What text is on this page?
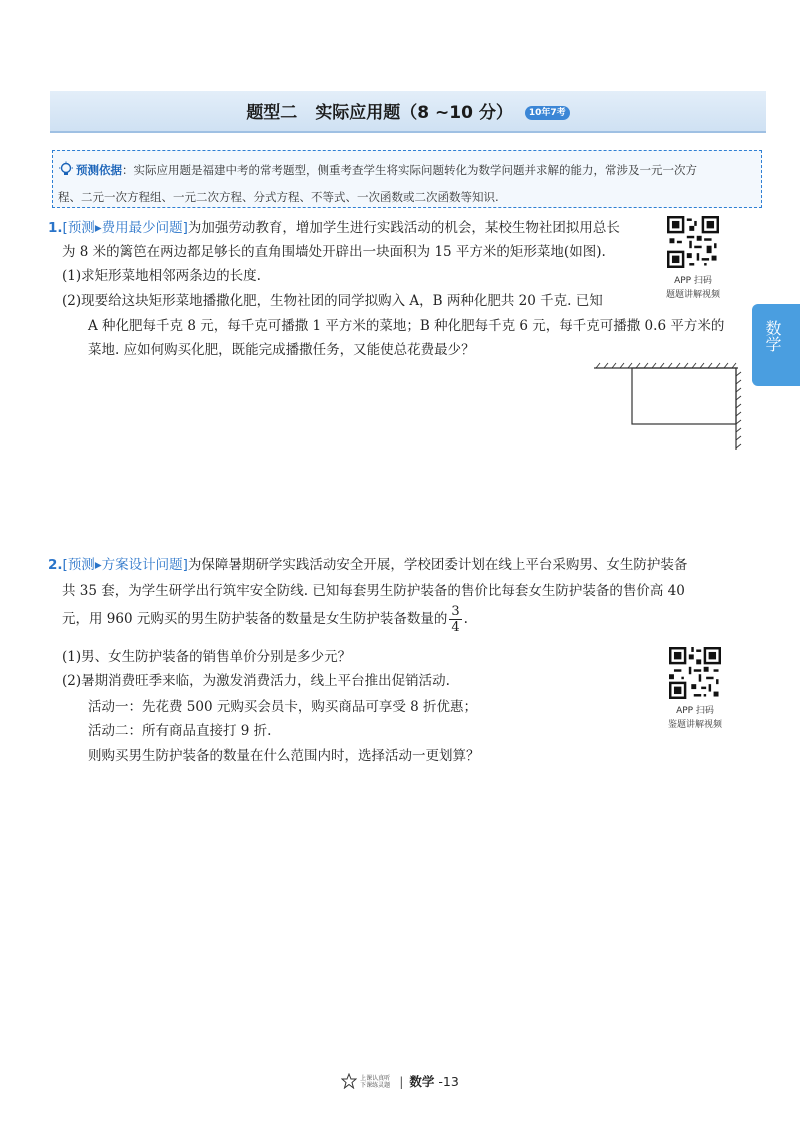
题型二 实际应用题（8 ~10 分） 10年7考
预测依据：实际应用题是福建中考的常考题型，侧重考查学生将实际问题转化为数学问题并求解的能力，常涉及一元一次方
程、二元一次方程组、一元二次方程、分式方程、不等式、一次函数或二次函数等知识.
数学
1.[预测▸费用最少问题]为加强劳动教育，增加学生进行实践活动的机会，某校生物社团拟用总长
为 8 米的篱笆在两边都足够长的直角围墙处开辟出一块面积为 15 平方米的矩形菜地(如图).
(1)求矩形菜地相邻两条边的长度.
(2)现要给这块矩形菜地播撒化肥，生物社团的同学拟购入 A，B 两种化肥共 20 千克. 已知
A 种化肥每千克 8 元，每千克可播撒 1 平方米的菜地；B 种化肥每千克 6 元，每千克可播撒 0.6 平方米的
菜地. 应如何购买化肥，既能完成播撒任务，又能使总花费最少？
APP 扫码
题题讲解视频
2.[预测▸方案设计问题]为保障暑期研学实践活动安全开展，学校团委计划在线上平台采购男、女生防护装备
共 35 套，为学生研学出行筑牢安全防线. 已知每套男生防护装备的售价比每套女生防护装备的售价高 40
元，用 960 元购买的男生防护装备的数量是女生防护装备数量的 $\frac{3}{4}$ .
(1)男、女生防护装备的销售单价分别是多少元？
(2)暑期消费旺季来临，为激发消费活力，线上平台推出促销活动.
活动一：先花费 500 元购买会员卡，购买商品可享受 8 折优惠；
活动二：所有商品直接打 9 折.
则购买男生防护装备的数量在什么范围内时，选择活动一更划算？
APP 扫码
鉴题讲解视频
上课认真听
下课练灵题 | 数学 -13
